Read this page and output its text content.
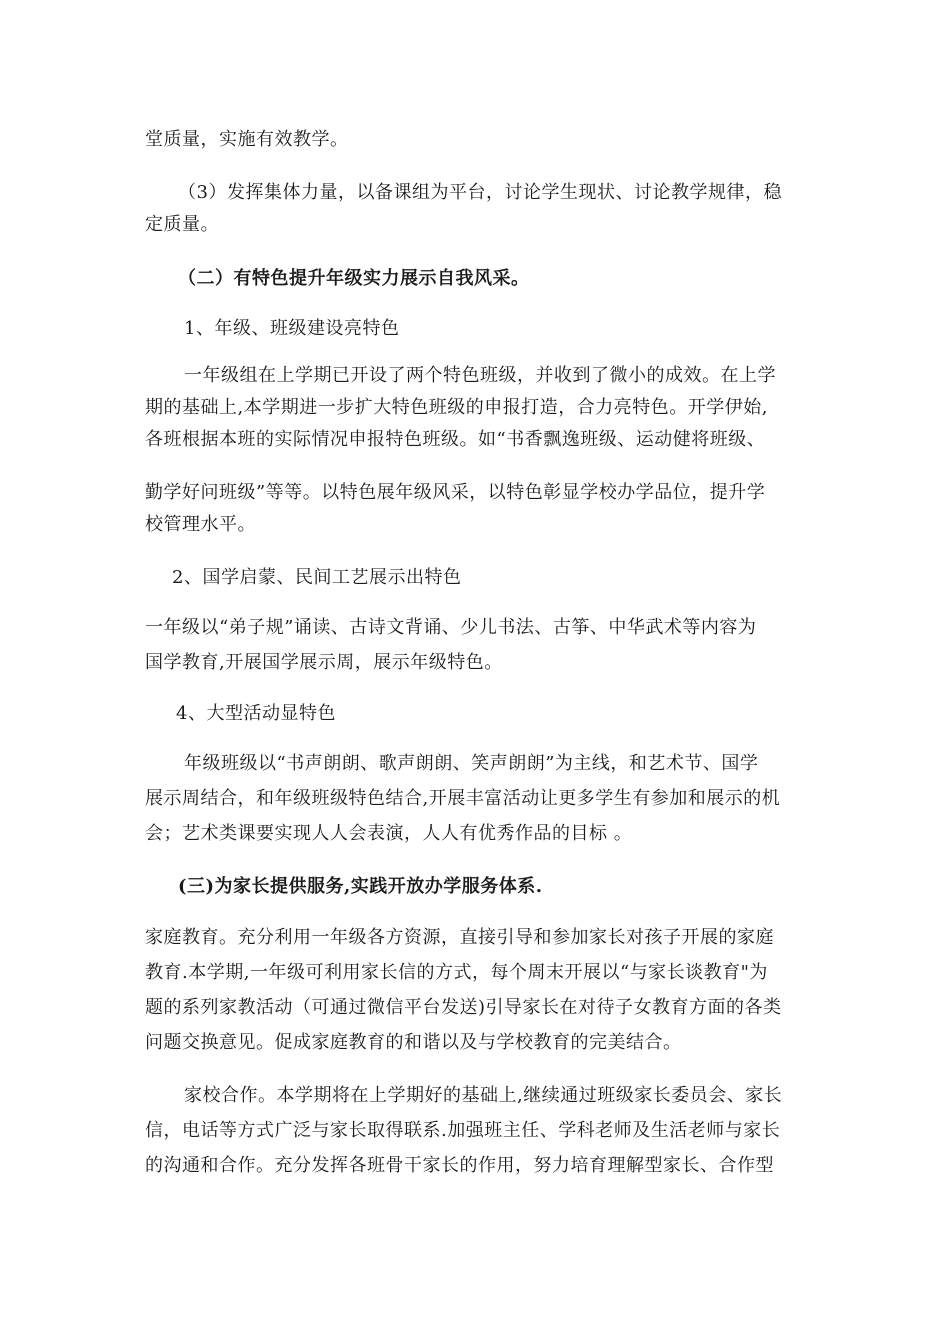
堂质量，实施有效教学。
（3）发挥集体力量，以备课组为平台，讨论学生现状、讨论教学规律，稳
定质量。
（二）有特色提升年级实力展示自我风采。
1、年级、班级建设亮特色
一年级组在上学期已开设了两个特色班级，并收到了微小的成效。在上学
期的基础上,本学期进一步扩大特色班级的申报打造，合力亮特色。开学伊始,
各班根据本班的实际情况申报特色班级。如“书香飘逸班级、运动健将班级、
勤学好问班级”等等。以特色展年级风采，以特色彰显学校办学品位，提升学
校管理水平。
2、国学启蒙、民间工艺展示出特色
一年级以“弟子规”诵读、古诗文背诵、少儿书法、古筝、中华武术等内容为
国学教育,开展国学展示周，展示年级特色。
4、大型活动显特色
年级班级以“书声朗朗、歌声朗朗、笑声朗朗”为主线，和艺术节、国学
展示周结合，和年级班级特色结合,开展丰富活动让更多学生有参加和展示的机
会；艺术类课要实现人人会表演，人人有优秀作品的目标 。
(三)为家长提供服务,实践开放办学服务体系.
家庭教育。充分利用一年级各方资源，直接引导和参加家长对孩子开展的家庭
教育.本学期,一年级可利用家长信的方式，每个周末开展以“与家长谈教育"为
题的系列家教活动（可通过微信平台发送)引导家长在对待子女教育方面的各类
问题交换意见。促成家庭教育的和谐以及与学校教育的完美结合。
家校合作。本学期将在上学期好的基础上,继续通过班级家长委员会、家长
信，电话等方式广泛与家长取得联系.加强班主任、学科老师及生活老师与家长
的沟通和合作。充分发挥各班骨干家长的作用，努力培育理解型家长、合作型
